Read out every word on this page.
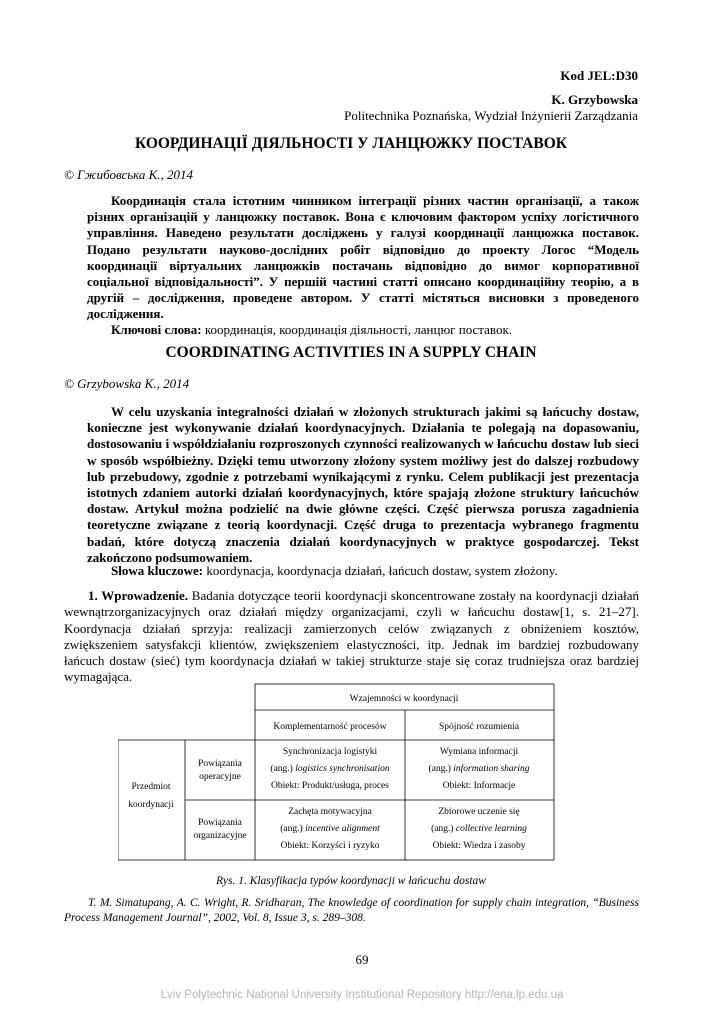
Kod JEL:D30
K. Grzybowska
Politechnika Poznańska, Wydział Inżynierii Zarządzania
КООРДИНАЦІЇ ДІЯЛЬНОСТІ У ЛАНЦЮЖКУ ПОСТАВОК
© Гжибовська К., 2014

Координація стала істотним чинником інтеграції різних частин організації, а також різних організацій у ланцюжку поставок. Вона є ключовим фактором успіху логістичного управління. Наведено результати досліджень у галузі координації ланцюжка поставок. Подано результати науково-дослідних робіт відповідно до проекту Логос “Модель координації віртуальних ланцюжків постачань відповідно до вимог корпоративної соціальної відповідальності”. У першій частині статті описано координаційну теорію, а в другій – дослідження, проведене автором. У статті містяться висновки з проведеного дослідження.

Ключові слова: координація, координація діяльності, ланцюг поставок.

COORDINATING ACTIVITIES IN A SUPPLY CHAIN
© Grzybowska K., 2014

W celu uzyskania integralności działań w złożonych strukturach jakimi są łańcuchy dostaw, konieczne jest wykonywanie działań koordynacyjnych. Działania te polegają na dopasowaniu, dostosowaniu i współdziałaniu rozproszonych czynności realizowanych w łańcuchu dostaw lub sieci w sposób współbieżny. Dzięki temu utworzony złożony system możliwy jest do dalszej rozbudowy lub przebudowy, zgodnie z potrzebami wynikającymi z rynku. Celem publikacji jest prezentacja istotnych zdaniem autorki działań koordynacyjnych, które spajają złożone struktury łańcuchów dostaw. Artykuł można podzielić na dwie główne części. Część pierwsza porusza zagadnienia teoretyczne związane z teorią koordynacji. Część druga to prezentacja wybranego fragmentu badań, które dotyczą znaczenia działań koordynacyjnych w praktyce gospodarczej. Tekst zakończono podsumowaniem.

Słowa kluczowe: koordynacja, koordynacja działań, łańcuch dostaw, system złożony.

1. Wprowadzenie. Badania dotyczące teorii koordynacji skoncentrowane zostały na koordynacji działań wewnątrzorganizacyjnych oraz działań między organizacjami, czyli w łańcuchu dostaw[1, s. 21–27]. Koordynacja działań sprzyja: realizacji zamierzonych celów związanych z obniżeniem kosztów, zwiększeniem satysfakcji klientów, zwiększeniem elastyczności, itp. Jednak im bardziej rozbudowany łańcuch dostaw (sieć) tym koordynacja działań w takiej strukturze staje się coraz trudniejsza oraz bardziej wymagająca.

Wzajemności w koordynacji
Komplementarność procesów	Spójność rozumienia
Przedmiot
koordynacji
Powiązania
operacyjne
Powiązania
organizacyjne
Synchronizacja logistyki
(ang.) logistics synchronisation
Obiekt: Produkt/usługa, proces
Wymiana informacji
(ang.) information sharing
Obiekt: Informacje
Zachęta motywacyjna
(ang.) incentive alignment
Obiekt: Korzyści i ryzyko
Zbiorowe uczenie się
(ang.) collective learning
Obiekt: Wiedza i zasoby
Rys. 1. Klasyfikacja typów koordynacji w łańcuchu dostaw

T. M. Simatupang, A. C. Wright, R. Sridharan, The knowledge of coordination for supply chain integration, “Business Process Management Journal”, 2002, Vol. 8, Issue 3, s. 289–308.

69
Lviv Polytechnic National University Institutional Repository http://ena.lp.edu.ua
